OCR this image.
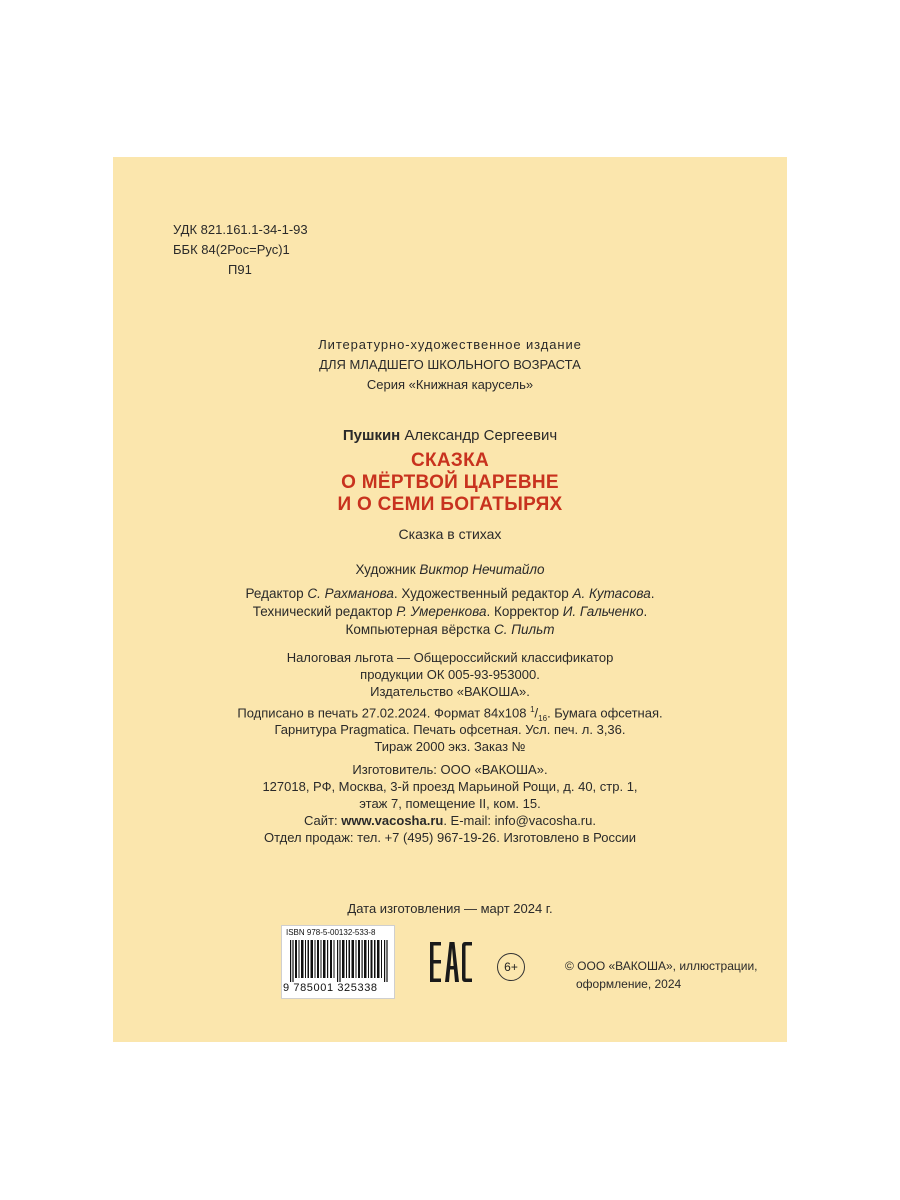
УДК 821.161.1-34-1-93
ББК 84(2Рос=Рус)1
П91
Литературно-художественное издание
ДЛЯ МЛАДШЕГО ШКОЛЬНОГО ВОЗРАСТА
Серия «Книжная карусель»
Пушкин Александр Сергеевич
СКАЗКА
О МЁРТВОЙ ЦАРЕВНЕ
И О СЕМИ БОГАТЫРЯХ
Сказка в стихах
Художник Виктор Нечитайло
Редактор С. Рахманова. Художественный редактор А. Кутасова.
Технический редактор Р. Умеренкова. Корректор И. Гальченко.
Компьютерная вёрстка С. Пильт
Налоговая льгота — Общероссийский классификатор
продукции ОК 005-93-953000.
Издательство «ВАКОША».
Подписано в печать 27.02.2024. Формат 84х108 $^1/_{16}$. Бумага офсетная.
Гарнитура Pragmatica. Печать офсетная. Усл. печ. л. 3,36.
Тираж 2000 экз. Заказ №
Изготовитель: ООО «ВАКОША».
127018, РФ, Москва, 3-й проезд Марьиной Рощи, д. 40, стр. 1,
этаж 7, помещение II, ком. 15.
Сайт: www.vacosha.ru. E-mail: info@vacosha.ru.
Отдел продаж: тел. +7 (495) 967-19-26. Изготовлено в России
Дата изготовления — март 2024 г.
ISBN 978-5-00132-533-8
9 785001 325338
6+	© ООО «ВАКОША», иллюстрации,
оформление, 2024
